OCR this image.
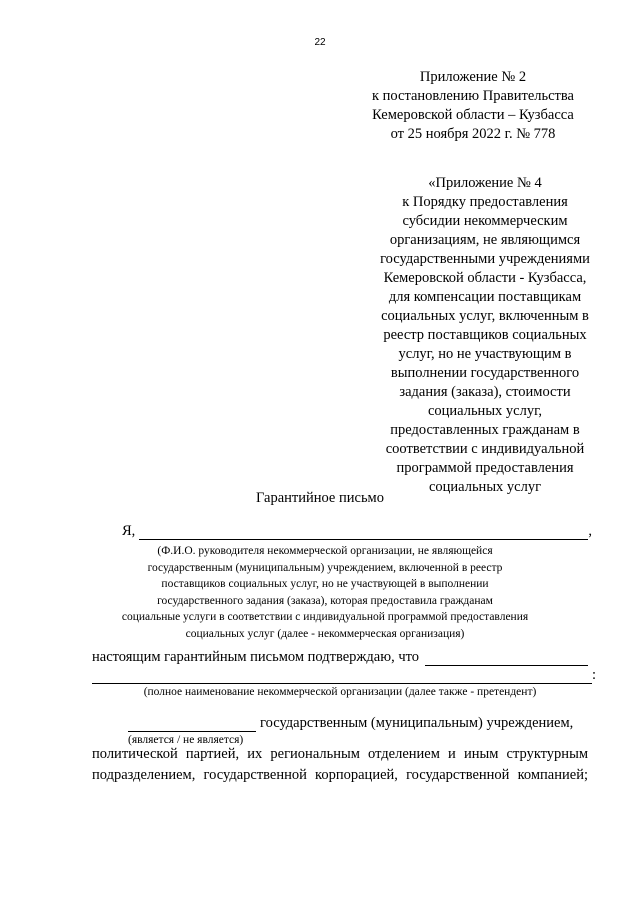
22
Приложение № 2
к постановлению Правительства
Кемеровской области – Кузбасса
от 25 ноября 2022 г. № 778
«Приложение № 4
к Порядку предоставления
субсидии некоммерческим
организациям, не являющимся
государственными учреждениями
Кемеровской области - Кузбасса,
для компенсации поставщикам
социальных услуг, включенным в
реестр поставщиков социальных
услуг, но не участвующим в
выполнении государственного
задания (заказа), стоимости
социальных услуг,
предоставленных гражданам в
соответствии с индивидуальной
программой предоставления
социальных услуг
Гарантийное письмо
Я,	,
(Ф.И.О. руководителя некоммерческой организации, не являющейся
государственным (муниципальным) учреждением, включенной в реестр
поставщиков социальных услуг, но не участвующей в выполнении
государственного задания (заказа), которая предоставила гражданам
социальные услуги в соответствии с индивидуальной программой предоставления
социальных услуг (далее - некоммерческая организация)
настоящим гарантийным письмом подтверждаю, что
:
(полное наименование некоммерческой организации (далее также - претендент)
государственным (муниципальным) учреждением,
(является / не является)
политической партией, их региональным отделением и иным структурным
подразделением, государственной корпорацией, государственной компанией;
